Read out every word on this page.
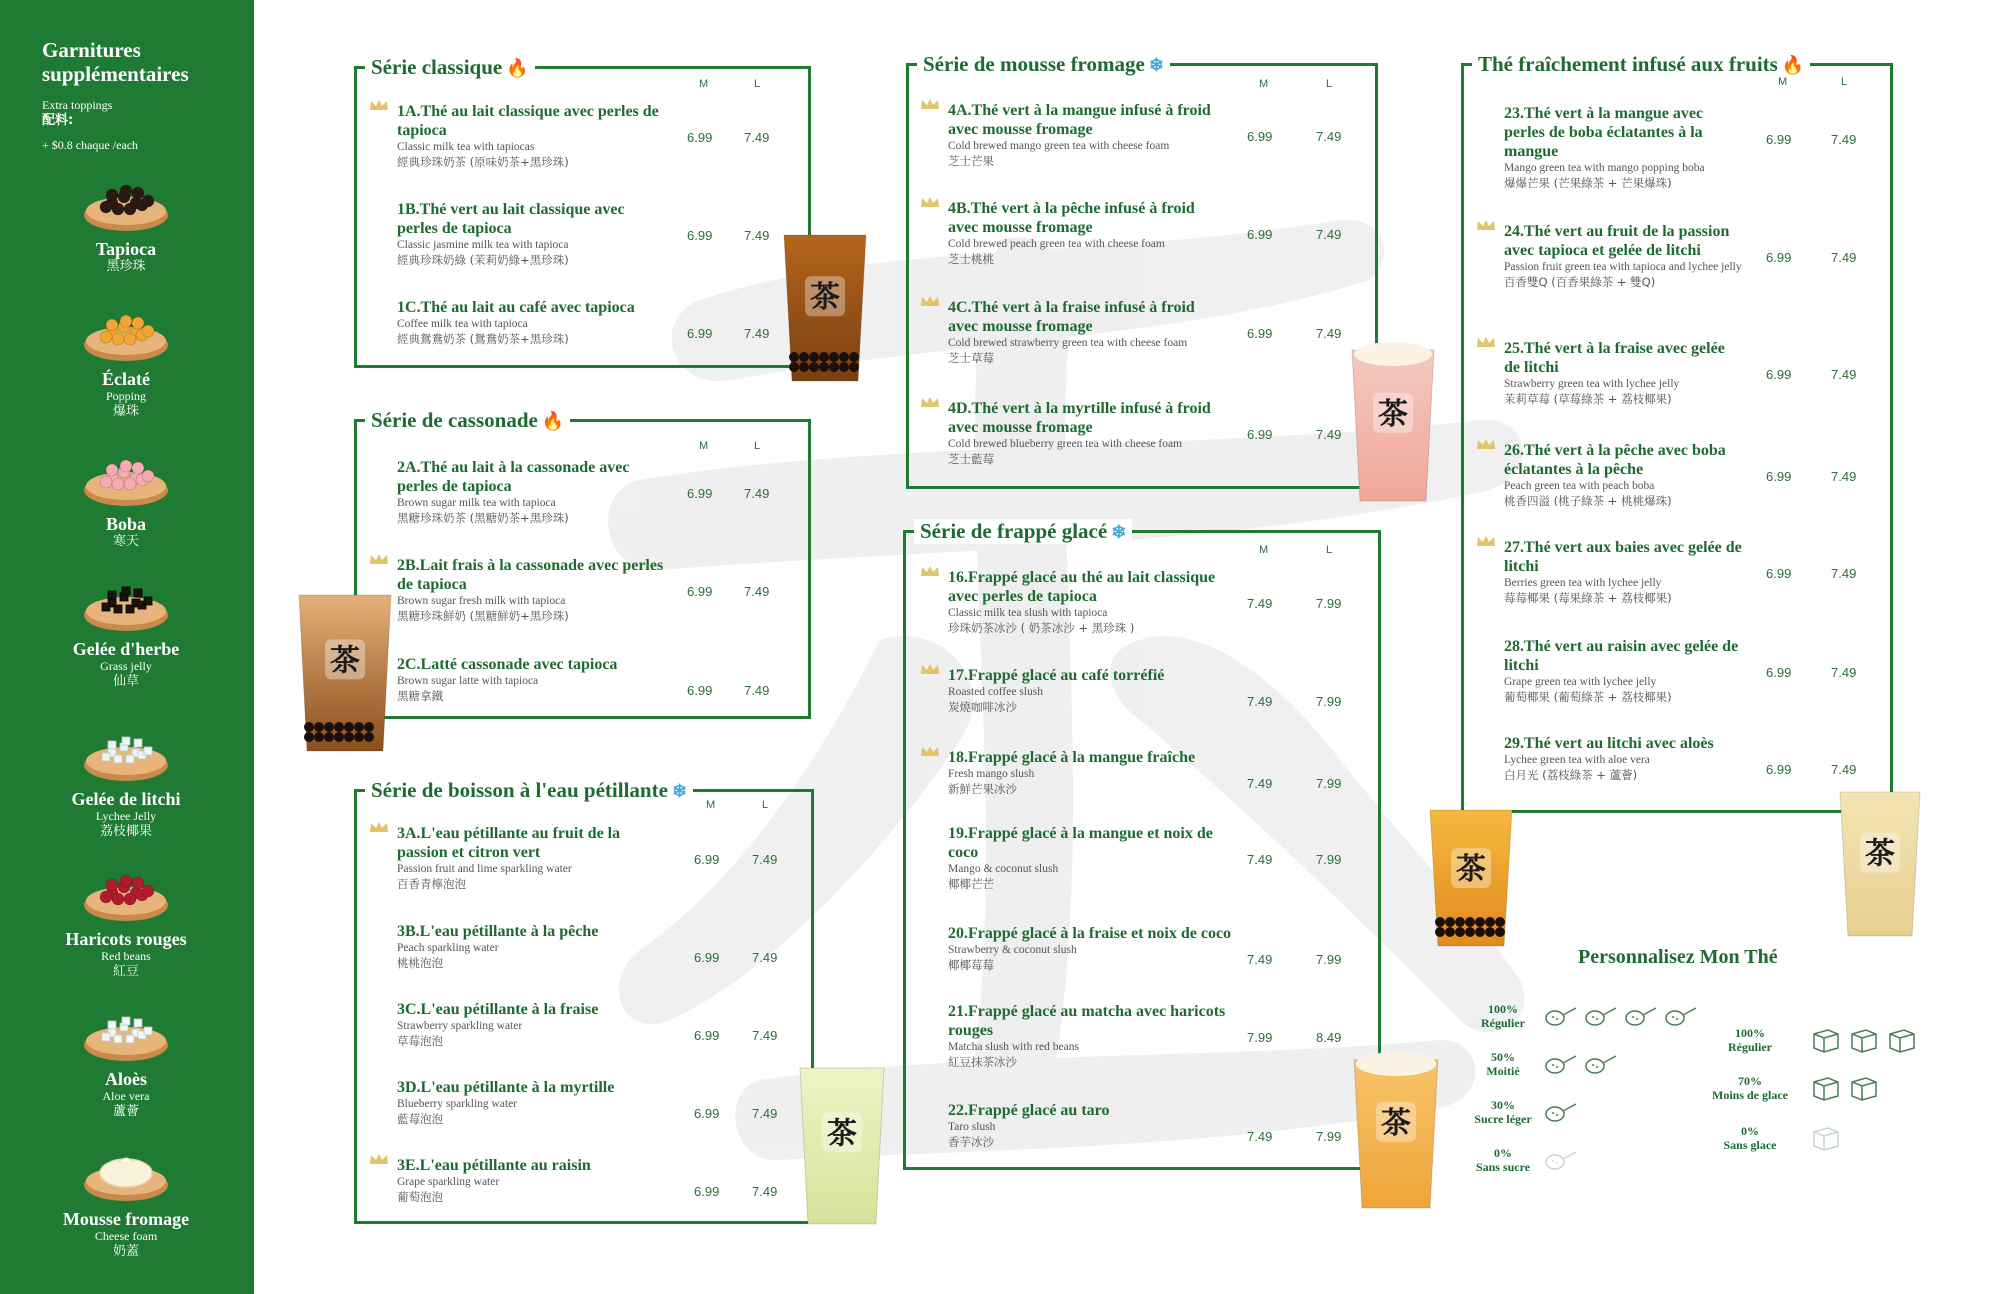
Garnitures supplémentaires
Extra toppings
配料:
+ $0.8 chaque /each
Tapioca
黑珍珠
Éclaté
Popping
爆珠
Boba
寒天
Gelée d'herbe
Grass jelly
仙草
Gelée de litchi
Lychee Jelly
荔枝椰果
Haricots rouges
Red beans
紅豆
Aloès
Aloe vera
蘆薈
Mousse fromage
Cheese foam
奶蓋
Série classique 🔥
Série de cassonade 🔥
Série de boisson à l'eau pétillante ❄
Série de mousse fromage ❄
Série de frappé glacé ❄
Thé fraîchement infusé aux fruits 🔥
M	L
1A.Thé au lait classique avec perles de tapioca
Classic milk tea with tapiocas
經典珍珠奶茶 (原味奶茶+黑珍珠)
6.99 7.49
1B.Thé vert au lait classique avec perles de tapioca
Classic jasmine milk tea with tapioca
經典珍珠奶綠 (茉莉奶綠+黑珍珠)
6.99 7.49
1C.Thé au lait au café avec tapioca
Coffee milk tea with tapioca
經典鴛鴦奶茶 (鴛鴦奶茶+黑珍珠)	6.99 7.49
M	L
2A.Thé au lait à la cassonade avec perles de tapioca
Brown sugar milk tea with tapioca
黑糖珍珠奶茶 (黑糖奶茶+黑珍珠)
6.99 7.49
2B.Lait frais à la cassonade avec perles de tapioca
Brown sugar fresh milk with tapioca
黑糖珍珠鮮奶 (黑糖鮮奶+黑珍珠)
6.99 7.49
2C.Latté cassonade avec tapioca
Brown sugar latte with tapioca
黑糖拿鐵	6.99 7.49
M	L
3A.L'eau pétillante au fruit de la passion et citron vert
Passion fruit and lime sparkling water
百香青檸泡泡
6.99	7.49
3B.L'eau pétillante à la pêche
Peach sparkling water
桃桃泡泡	6.99	7.49
3C.L'eau pétillante à la fraise
Strawberry sparkling water
草莓泡泡	6.99	7.49
3D.L'eau pétillante à la myrtille
Blueberry sparkling water
藍莓泡泡	6.99	7.49
3E.L'eau pétillante au raisin
Grape sparkling water
葡萄泡泡	6.99	7.49
M	L
4A.Thé vert à la mangue infusé à froid avec mousse fromage
Cold brewed mango green tea with cheese foam
芝士芒果
6.99	7.49
4B.Thé vert à la pêche infusé à froid avec mousse fromage
Cold brewed peach green tea with cheese foam
芝士桃桃
6.99	7.49
4C.Thé vert à la fraise infusé à froid avec mousse fromage
Cold brewed strawberry green tea with cheese foam
芝士草莓
6.99	7.49
4D.Thé vert à la myrtille infusé à froid avec mousse fromage
Cold brewed blueberry green tea with cheese foam
芝士藍莓
6.99	7.49
M	L
16.Frappé glacé au thé au lait classique avec perles de tapioca
Classic milk tea slush with tapioca
珍珠奶茶冰沙 ( 奶茶冰沙 + 黑珍珠 )
7.49	7.99
17.Frappé glacé au café torréfié
Roasted coffee slush
炭燒咖啡冰沙	7.49	7.99
18.Frappé glacé à la mangue fraîche
Fresh mango slush
新鮮芒果冰沙	7.49	7.99
19.Frappé glacé à la mangue et noix de coco
Mango & coconut slush
椰椰芒芒
7.49	7.99
20.Frappé glacé à la fraise et noix de coco
Strawberry & coconut slush
椰椰莓莓	7.49	7.99
21.Frappé glacé au matcha avec haricots rouges
Matcha slush with red beans
紅豆抹茶冰沙
7.99	8.49
22.Frappé glacé au taro
Taro slush
香芋冰沙	7.49	7.99
M	L
23.Thé vert à la mangue avec perles de boba éclatantes à la mangue
Mango green tea with mango popping boba
爆爆芒果 (芒果綠茶 + 芒果爆珠)
6.99	7.49
24.Thé vert au fruit de la passion avec tapioca et gelée de litchi
Passion fruit green tea with tapioca and lychee jelly
百香雙Q (百香果綠茶 + 雙Q)
6.99	7.49
25.Thé vert à la fraise avec gelée de litchi
Strawberry green tea with lychee jelly
茉莉草莓 (草莓綠茶 + 荔枝椰果)
6.99	7.49
26.Thé vert à la pêche avec boba éclatantes à la pêche
Peach green tea with peach boba
桃香四溢 (桃子綠茶 + 桃桃爆珠)
6.99	7.49
27.Thé vert aux baies avec gelée de litchi
Berries green tea with lychee jelly
莓莓椰果 (莓果綠茶 + 荔枝椰果)
6.99	7.49
28.Thé vert au raisin avec gelée de litchi
Grape green tea with lychee jelly
葡萄椰果 (葡萄綠茶 + 荔枝椰果)
6.99	7.49
29.Thé vert au litchi avec aloès
Lychee green tea with aloe vera
白月光 (荔枝綠茶 + 蘆薈)	6.99	7.49
茶
茶
茶
茶	茶
茶	茶
Personnalisez Mon Thé
100%
Régulier
50%
Moitié
30%
Sucre léger
0%
Sans sucre
100%
Régulier
70%
Moins de glace
0%
Sans glace
